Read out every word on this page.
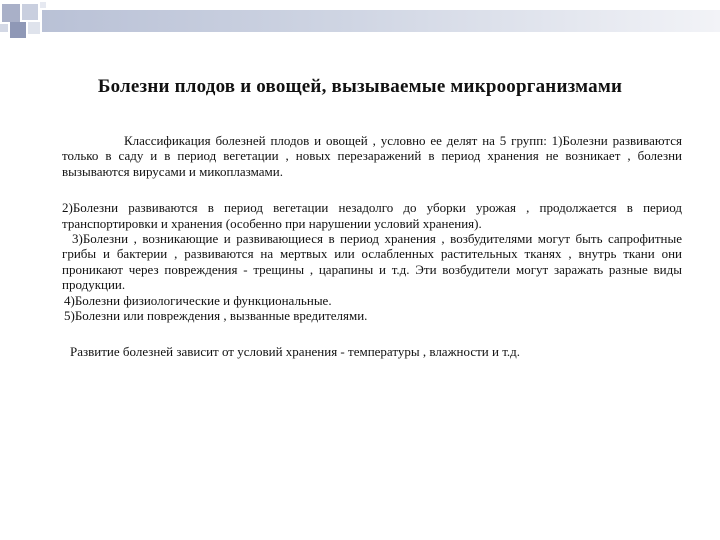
Болезни плодов и овощей, вызываемые микроорганизмами

Классификация болезней плодов и овощей , условно ее делят на 5 групп: 1)Болезни развиваются только в саду и в период вегетации , новых перезаражений в период хранения не возникает , болезни вызываются вирусами и микоплазмами.

2)Болезни развиваются в период вегетации незадолго до уборки урожая , продолжается в период транспортировки и хранения (особенно при нарушении условий хранения).

3)Болезни , возникающие и развивающиеся в период хранения , возбудителями могут быть сапрофитные грибы и бактерии , развиваются на мертвых или ослабленных растительных тканях , внутрь ткани они проникают через повреждения - трещины , царапины и т.д. Эти возбудители могут заражать разные виды продукции.

4)Болезни физиологические и функциональные.

5)Болезни или повреждения , вызванные вредителями.

Развитие болезней зависит от условий хранения - температуры , влажности и т.д.
